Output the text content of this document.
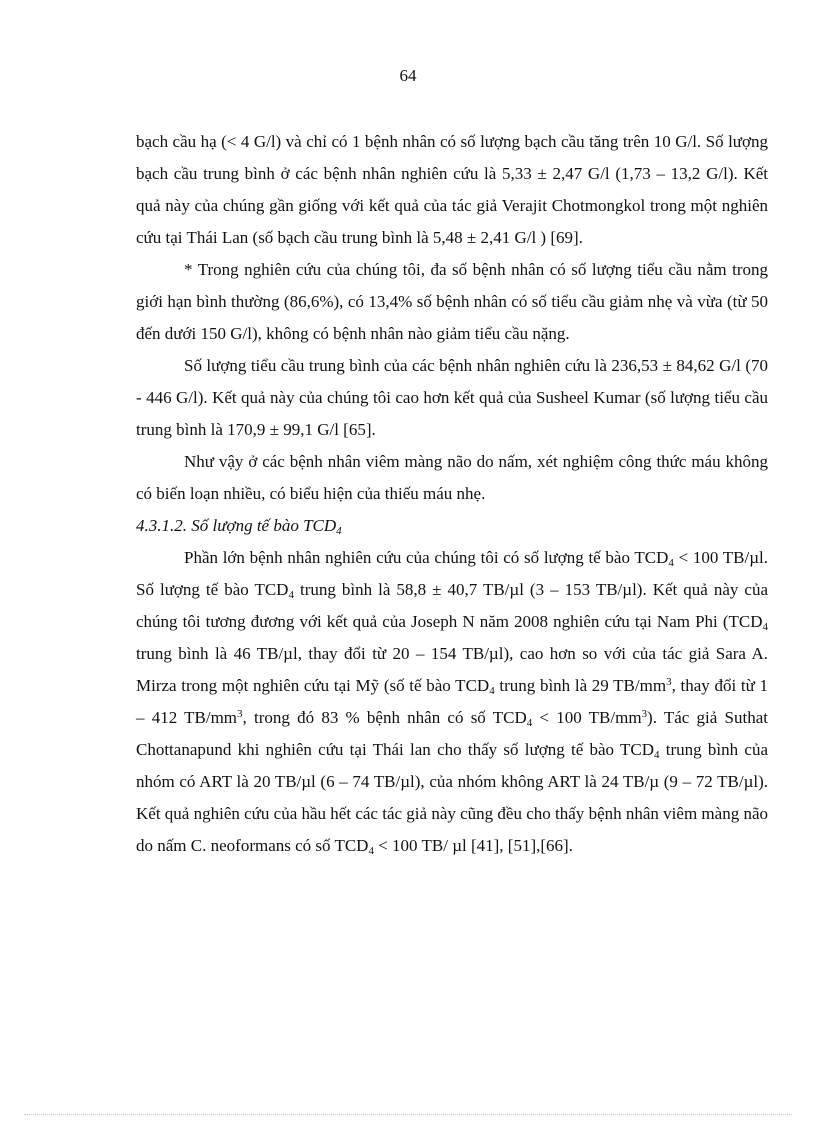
64

bạch cầu hạ (< 4 G/l) và chỉ có 1 bệnh nhân có số lượng bạch cầu tăng trên 10 G/l. Số lượng bạch cầu trung bình ở các bệnh nhân nghiên cứu là 5,33 ± 2,47 G/l (1,73 – 13,2 G/l). Kết quả này của chúng gần giống với kết quả của tác giả Verajit Chotmongkol trong một nghiên cứu tại Thái Lan (số bạch cầu trung bình là 5,48 ± 2,41 G/l ) [69].

* Trong nghiên cứu của chúng tôi, đa số bệnh nhân có số lượng tiểu cầu nằm trong giới hạn bình thường (86,6%), có 13,4% số bệnh nhân có số tiểu cầu giảm nhẹ và vừa (từ 50 đến dưới 150 G/l), không có bệnh nhân nào giảm tiểu cầu nặng.

Số lượng tiểu cầu trung bình của các bệnh nhân nghiên cứu là 236,53 ± 84,62 G/l (70 - 446 G/l). Kết quả này của chúng tôi cao hơn kết quả của Susheel Kumar (số lượng tiểu cầu trung bình là 170,9 ± 99,1 G/l [65].

Như vậy ở các bệnh nhân viêm màng não do nấm, xét nghiệm công thức máu không có biến loạn nhiều, có biểu hiện của thiếu máu nhẹ.

4.3.1.2. Số lượng tế bào $TCD_4$

Phần lớn bệnh nhân nghiên cứu của chúng tôi có số lượng tế bào $TCD_4 < 100$ TB/µl. Số lượng tế bào $TCD_4$ trung bình là 58,8 ± 40,7 TB/µl (3 – 153 TB/µl). Kết quả này của chúng tôi tương đương với kết quả của Joseph N năm 2008 nghiên cứu tại Nam Phi ($TCD_4$ trung bình là 46 TB/µl, thay đổi từ 20 – 154 TB/µl), cao hơn so với của tác giả Sara A. Mirza trong một nghiên cứu tại Mỹ (số tế bào $TCD_4$ trung bình là 29 $TB/mm^3$, thay đổi từ 1 – 412 $TB/mm^3$, trong đó 83 % bệnh nhân có số $TCD_4 < 100$ $TB/mm^3$). Tác giả Suthat Chottanapund khi nghiên cứu tại Thái lan cho thấy số lượng tế bào $TCD_4$ trung bình của nhóm có ART là 20 TB/µl (6 – 74 TB/µl), của nhóm không ART là 24 TB/µ (9 – 72 TB/µl). Kết quả nghiên cứu của hầu hết các tác giả này cũng đều cho thấy bệnh nhân viêm màng não do nấm C. neoformans có số $TCD_4 < 100$ TB/ µl [41], [51],[66].
